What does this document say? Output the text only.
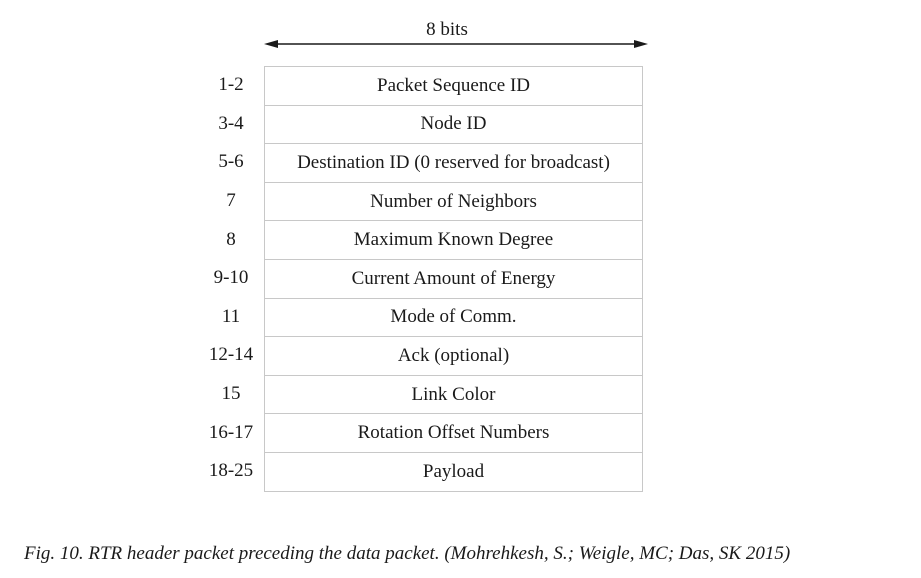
8 bits
1-2
3-4
5-6
7
8
9-10
11
12-14
15
16-17
18-25
Packet Sequence ID
Node ID
Destination ID (0 reserved for broadcast)
Number of Neighbors
Maximum Known Degree
Current Amount of Energy
Mode of Comm.
Ack (optional)
Link Color
Rotation Offset Numbers
Payload
Fig. 10. RTR header packet preceding the data packet. (Mohrehkesh, S.; Weigle, MC; Das, SK 2015)
